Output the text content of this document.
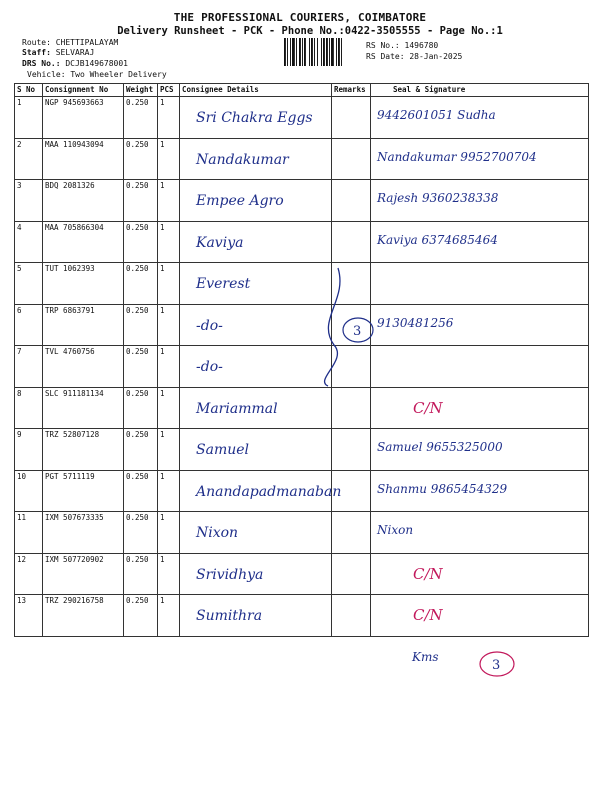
THE PROFESSIONAL COURIERS, COIMBATORE
Delivery Runsheet - PCK - Phone No.:0422-3505555 - Page No.:1
Route: CHETTIPALAYAM
Staff: SELVARAJ
DRS No.: DCJB149678001
Vehicle: Two Wheeler Delivery
RS No.: 1496780
RS Date: 28-Jan-2025
S No	Consignment No	Weight	PCS	Consignee Details	Remarks	Seal & Signature
1	NGP 945693663	0.250	1	Sri Chakra Eggs		9442601051 Sudha

2	MAA 110943094	0.250	1	Nandakumar		Nandakumar 9952700704

3	BDQ 2081326	0.250	1	Empee Agro		Rajesh 9360238338

4	MAA 705866304	0.250	1	Kaviya		Kaviya 6374685464

5	TUT 1062393	0.250	1	Everest		

6	TRP 6863791	0.250	1	-do-		9130481256

7	TVL 4760756	0.250	1	-do-		

8	SLC 911181134	0.250	1	Mariammal		C/N

9	TRZ 52807128	0.250	1	Samuel		Samuel 9655325000

10	PGT 5711119	0.250	1	Anandapadmanaban		Shanmu 9865454329

11	IXM 507673335	0.250	1	Nixon		Nixon

12	IXM 507720902	0.250	1	Srividhya		C/N

13	TRZ 290216758	0.250	1	Sumithra		C/N
3
3
Kms
